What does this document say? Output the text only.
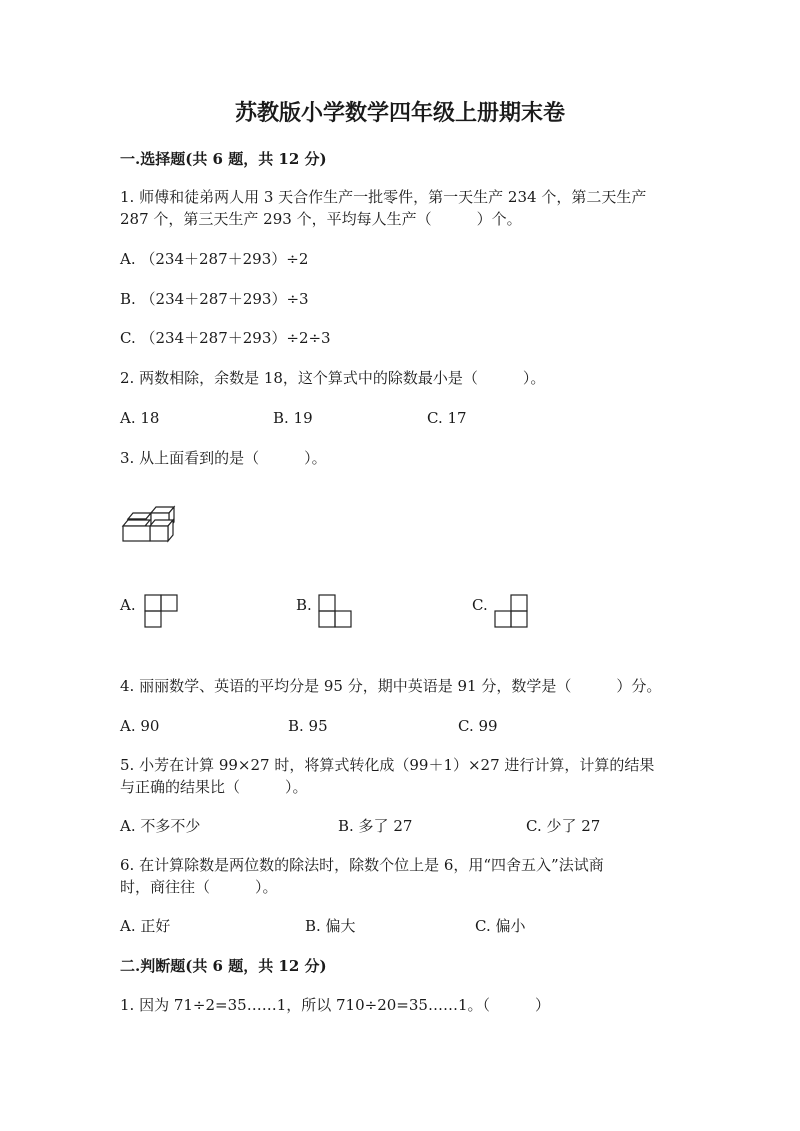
苏教版小学数学四年级上册期末卷
一.选择题(共 6 题，共 12 分)
1. 师傅和徒弟两人用 3 天合作生产一批零件，第一天生产 234 个，第二天生产
287 个，第三天生产 293 个，平均每人生产（　　　）个。
A. （234＋287＋293）÷2
B. （234＋287＋293）÷3
C. （234＋287＋293）÷2÷3
2. 两数相除，余数是 18，这个算式中的除数最小是（　　　）。
A. 18	B. 19	C. 17
3. 从上面看到的是（　　　）。
A.	B.	C.
4. 丽丽数学、英语的平均分是 95 分，期中英语是 91 分，数学是（　　　）分。
A. 90	B. 95	C. 99
5. 小芳在计算 99×27 时，将算式转化成（99＋1）×27 进行计算，计算的结果
与正确的结果比（　　　）。
A. 不多不少	B. 多了 27	C. 少了 27
6. 在计算除数是两位数的除法时，除数个位上是 6，用“四舍五入”法试商
时，商往往（　　　）。
A. 正好	B. 偏大	C. 偏小
二.判断题(共 6 题，共 12 分)
1. 因为 71÷2=35……1，所以 710÷20=35……1。（　　　）
